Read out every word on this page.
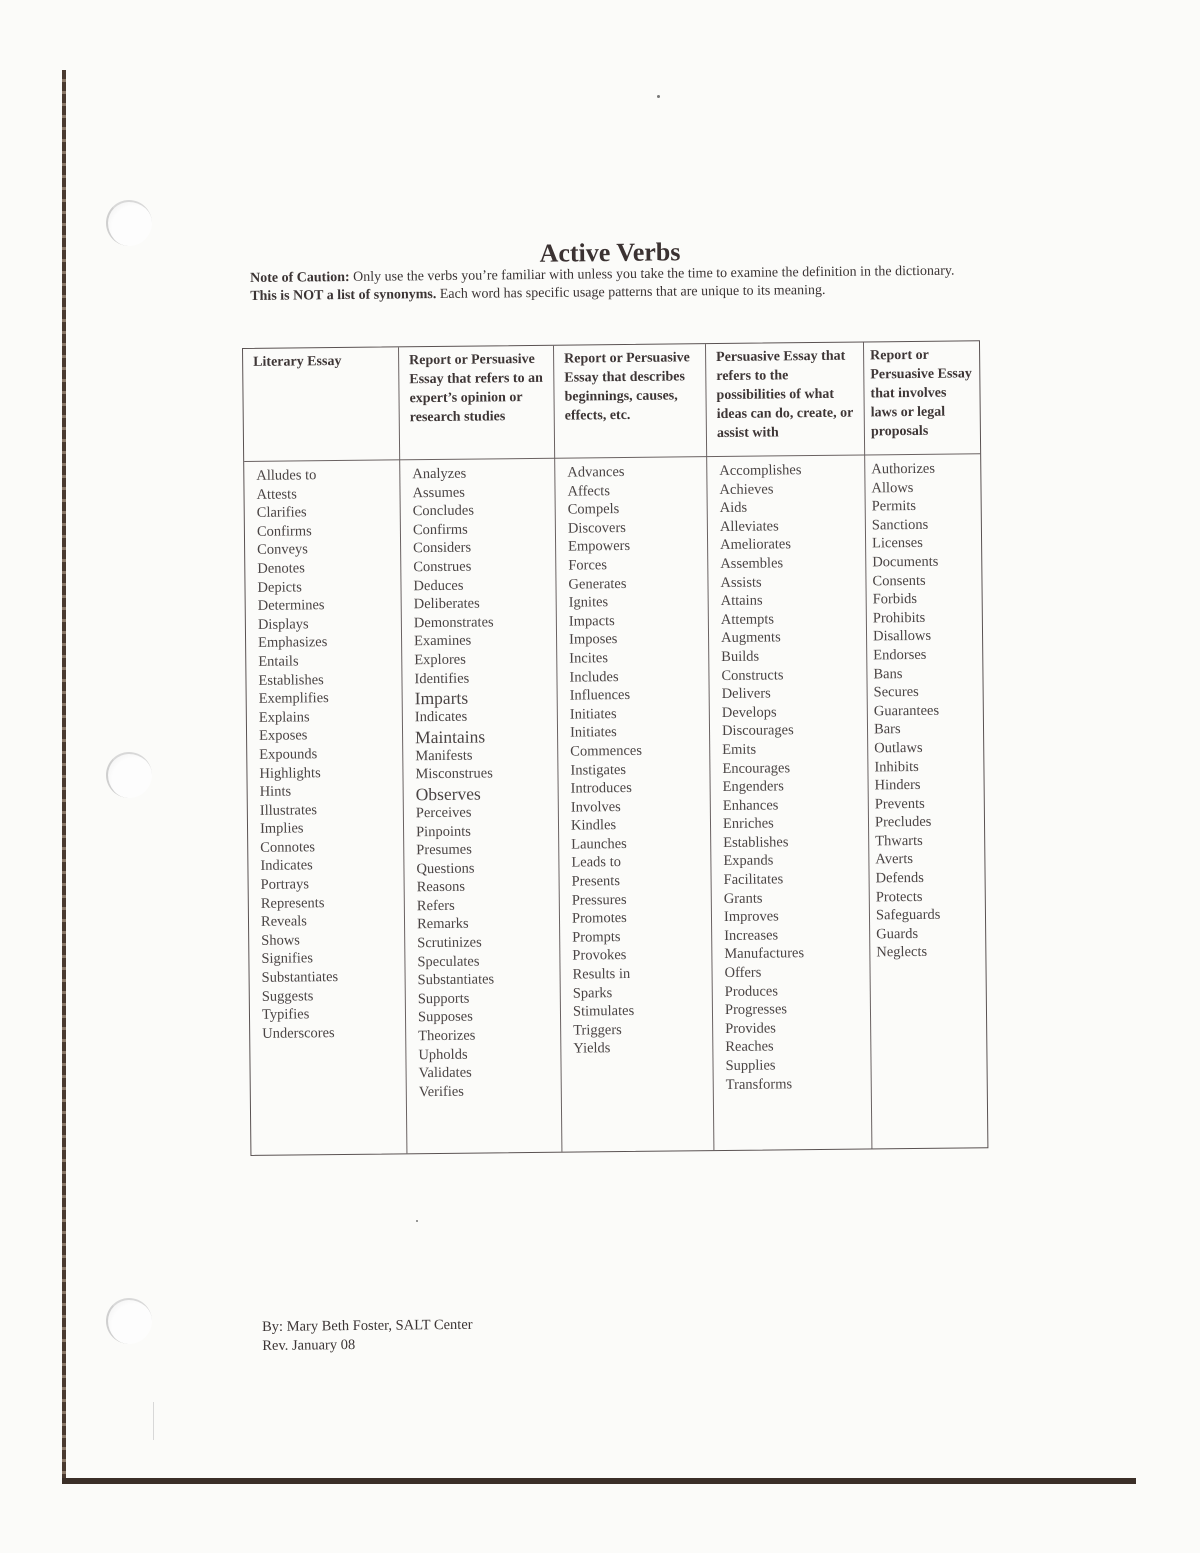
Active Verbs

Note of Caution: Only use the verbs you’re familiar with unless you take the time to examine the definition in the dictionary. This is NOT a list of synonyms. Each word has specific usage patterns that are unique to its meaning.

Literary Essay
Alludes to
Attests
Clarifies
Confirms
Conveys
Denotes
Depicts
Determines
Displays
Emphasizes
Entails
Establishes
Exemplifies
Explains
Exposes
Expounds
Highlights
Hints
Illustrates
Implies
Connotes
Indicates
Portrays
Represents
Reveals
Shows
Signifies
Substantiates
Suggests
Typifies
Underscores
Report or Persuasive Essay that refers to an expert’s opinion or research studies
Analyzes
Assumes
Concludes
Confirms
Considers
Construes
Deduces
Deliberates
Demonstrates
Examines
Explores
Identifies
Imparts
Indicates
Maintains
Manifests
Misconstrues
Observes
Perceives
Pinpoints
Presumes
Questions
Reasons
Refers
Remarks
Scrutinizes
Speculates
Substantiates
Supports
Supposes
Theorizes
Upholds
Validates
Verifies
Report or Persuasive Essay that describes beginnings, causes, effects, etc.
Advances
Affects
Compels
Discovers
Empowers
Forces
Generates
Ignites
Impacts
Imposes
Incites
Includes
Influences
Initiates
Initiates
Commences
Instigates
Introduces
Involves
Kindles
Launches
Leads to
Presents
Pressures
Promotes
Prompts
Provokes
Results in
Sparks
Stimulates
Triggers
Yields
Persuasive Essay that refers to the possibilities of what ideas can do, create, or assist with
Accomplishes
Achieves
Aids
Alleviates
Ameliorates
Assembles
Assists
Attains
Attempts
Augments
Builds
Constructs
Delivers
Develops
Discourages
Emits
Encourages
Engenders
Enhances
Enriches
Establishes
Expands
Facilitates
Grants
Improves
Increases
Manufactures
Offers
Produces
Progresses
Provides
Reaches
Supplies
Transforms
Report or Persuasive Essay that involves laws or legal proposals
Authorizes
Allows
Permits
Sanctions
Licenses
Documents
Consents
Forbids
Prohibits
Disallows
Endorses
Bans
Secures
Guarantees
Bars
Outlaws
Inhibits
Hinders
Prevents
Precludes
Thwarts
Averts
Defends
Protects
Safeguards
Guards
Neglects
By: Mary Beth Foster, SALT Center
Rev. January 08
